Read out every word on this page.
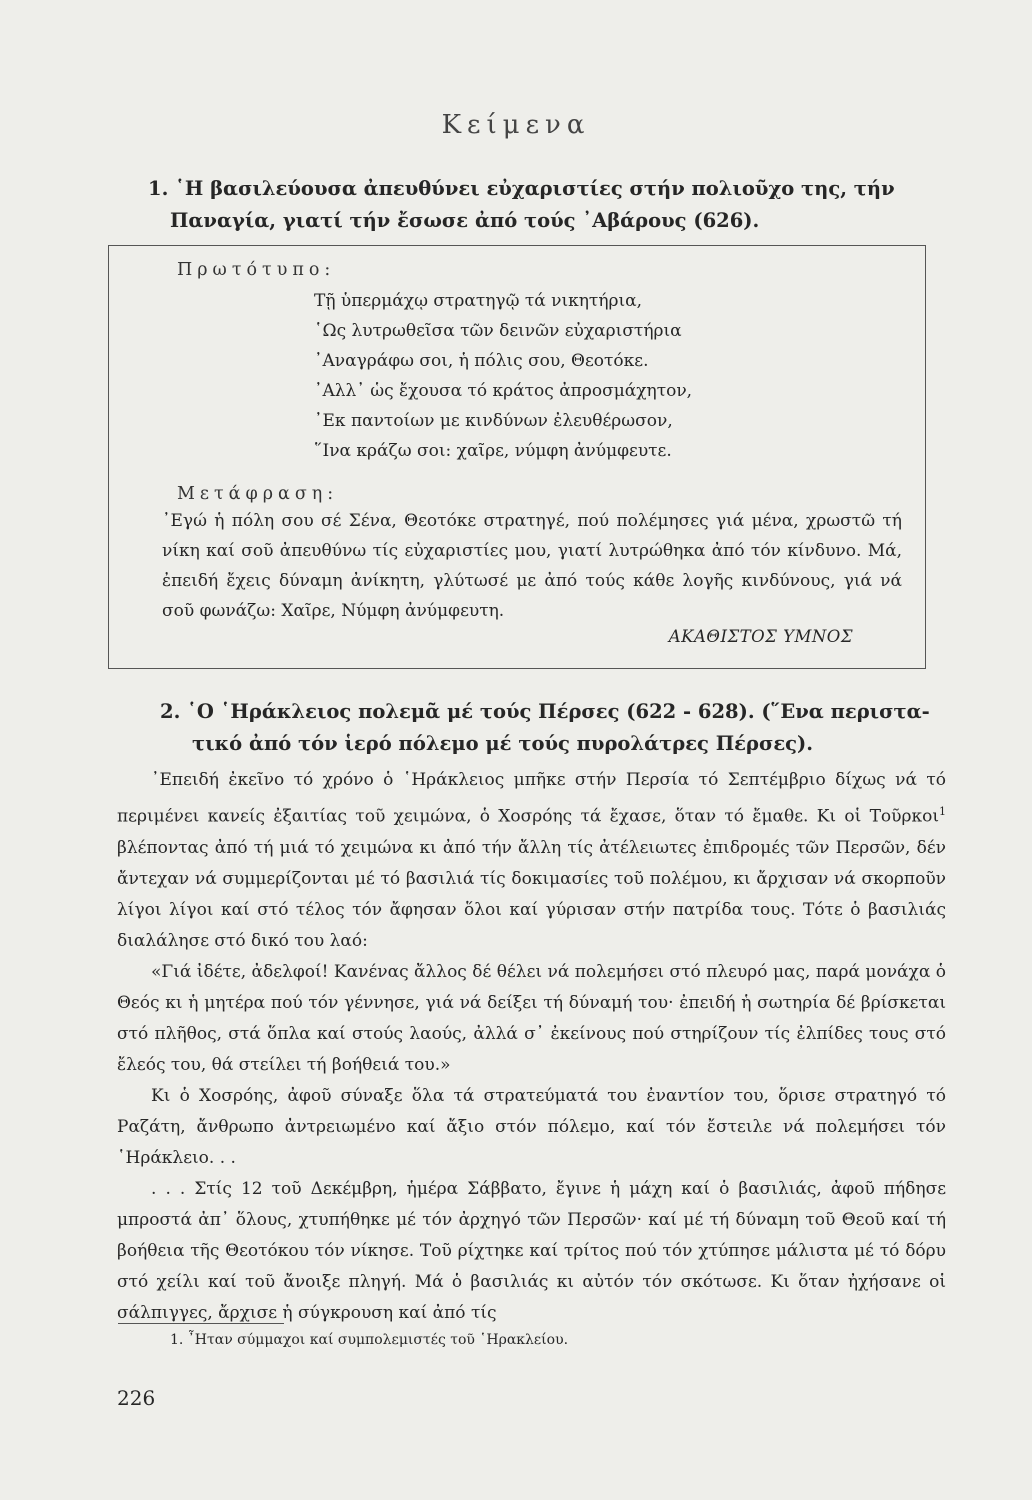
Κείμενα
1. ῾Η βασιλεύουσα ἀπευθύνει εὐχαριστίες στήν πολιοῦχο της, τήν
Παναγία, γιατί τήν ἔσωσε ἀπό τούς ᾿Αβάρους (626).
Πρωτότυπο:
Τῇ ὑπερμάχῳ στρατηγῷ τά νικητήρια,
῾Ως λυτρωθεῖσα τῶν δεινῶν εὐχαριστήρια
᾿Αναγράφω σοι, ἡ πόλις σου, Θεοτόκε.
᾿Αλλ᾿ ὡς ἔχουσα τό κράτος ἀπροσμάχητον,
᾿Εκ παντοίων με κινδύνων ἐλευθέρωσον,
῞Ινα κράζω σοι: χαῖρε, νύμφη ἀνύμφευτε.
Μετάφραση:

᾿Εγώ ἡ πόλη σου σέ Σένα, Θεοτόκε στρατηγέ, πού πολέμησες γιά μένα, χρωστῶ τή νίκη καί σοῦ ἀπευθύνω τίς εὐχαριστίες μου, γιατί λυτρώθηκα ἀπό τόν κίνδυνο. Μά, ἐπειδή ἔχεις δύναμη ἀνίκητη, γλύτωσέ με ἀπό τούς κάθε λογῆς κινδύνους, γιά νά σοῦ φωνάζω: Χαῖρε, Νύμφη ἀνύμφευτη.

ΑΚΑΘΙΣΤΟΣ ΥΜΝΟΣ
2. ῾Ο ῾Ηράκλειος πολεμᾶ μέ τούς Πέρσες (622 - 628). (῞Ενα περιστα-
τικό ἀπό τόν ἱερό πόλεμο μέ τούς πυρολάτρες Πέρσες).

᾿Επειδή ἐκεῖνο τό χρόνο ὁ ῾Ηράκλειος μπῆκε στήν Περσία τό Σεπτέμβριο δίχως νά τό περιμένει κανείς ἐξαιτίας τοῦ χειμώνα, ὁ Χοσρόης τά ἔχασε, ὅταν τό ἔμαθε. Κι οἱ Τοῦρκοι$^1$ βλέποντας ἀπό τή μιά τό χειμώνα κι ἀπό τήν ἄλλη τίς ἀτέλειωτες ἐπιδρομές τῶν Περσῶν, δέν ἄντεχαν νά συμμερίζονται μέ τό βασιλιά τίς δοκιμασίες τοῦ πολέμου, κι ἄρχισαν νά σκορποῦν λίγοι λίγοι καί στό τέλος τόν ἄφησαν ὅλοι καί γύρισαν στήν πατρίδα τους. Τότε ὁ βασιλιάς διαλάλησε στό δικό του λαό:

«Γιά ἰδέτε, ἀδελφοί! Κανένας ἄλλος δέ θέλει νά πολεμήσει στό πλευρό μας, παρά μονάχα ὁ Θεός κι ἡ μητέρα πού τόν γέννησε, γιά νά δείξει τή δύναμή του· ἐπειδή ἡ σωτηρία δέ βρίσκεται στό πλῆθος, στά ὅπλα καί στούς λαούς, ἀλλά σ᾿ ἐκείνους πού στηρίζουν τίς ἐλπίδες τους στό ἔλεός του, θά στείλει τή βοήθειά του.»

Κι ὁ Χοσρόης, ἀφοῦ σύναξε ὅλα τά στρατεύματά του ἐναντίον του, ὅρισε στρατηγό τό Ραζάτη, ἄνθρωπο ἀντρειωμένο καί ἄξιο στόν πόλεμο, καί τόν ἔστειλε νά πολεμήσει τόν ῾Ηράκλειο. . .

. . . Στίς 12 τοῦ Δεκέμβρη, ἡμέρα Σάββατο, ἔγινε ἡ μάχη καί ὁ βασιλιάς, ἀφοῦ πήδησε μπροστά ἀπ᾿ ὅλους, χτυπήθηκε μέ τόν ἀρχηγό τῶν Περσῶν· καί μέ τή δύναμη τοῦ Θεοῦ καί τή βοήθεια τῆς Θεοτόκου τόν νίκησε. Τοῦ ρίχτηκε καί τρίτος πού τόν χτύπησε μάλιστα μέ τό δόρυ στό χείλι καί τοῦ ἄνοιξε πληγή. Μά ὁ βασιλιάς κι αὐτόν τόν σκότωσε. Κι ὅταν ἠχήσανε οἱ σάλπιγγες, ἄρχισε ἡ σύγκρουση καί ἀπό τίς

1. ῏Ηταν σύμμαχοι καί συμπολεμιστές τοῦ ῾Ηρακλείου.
226
